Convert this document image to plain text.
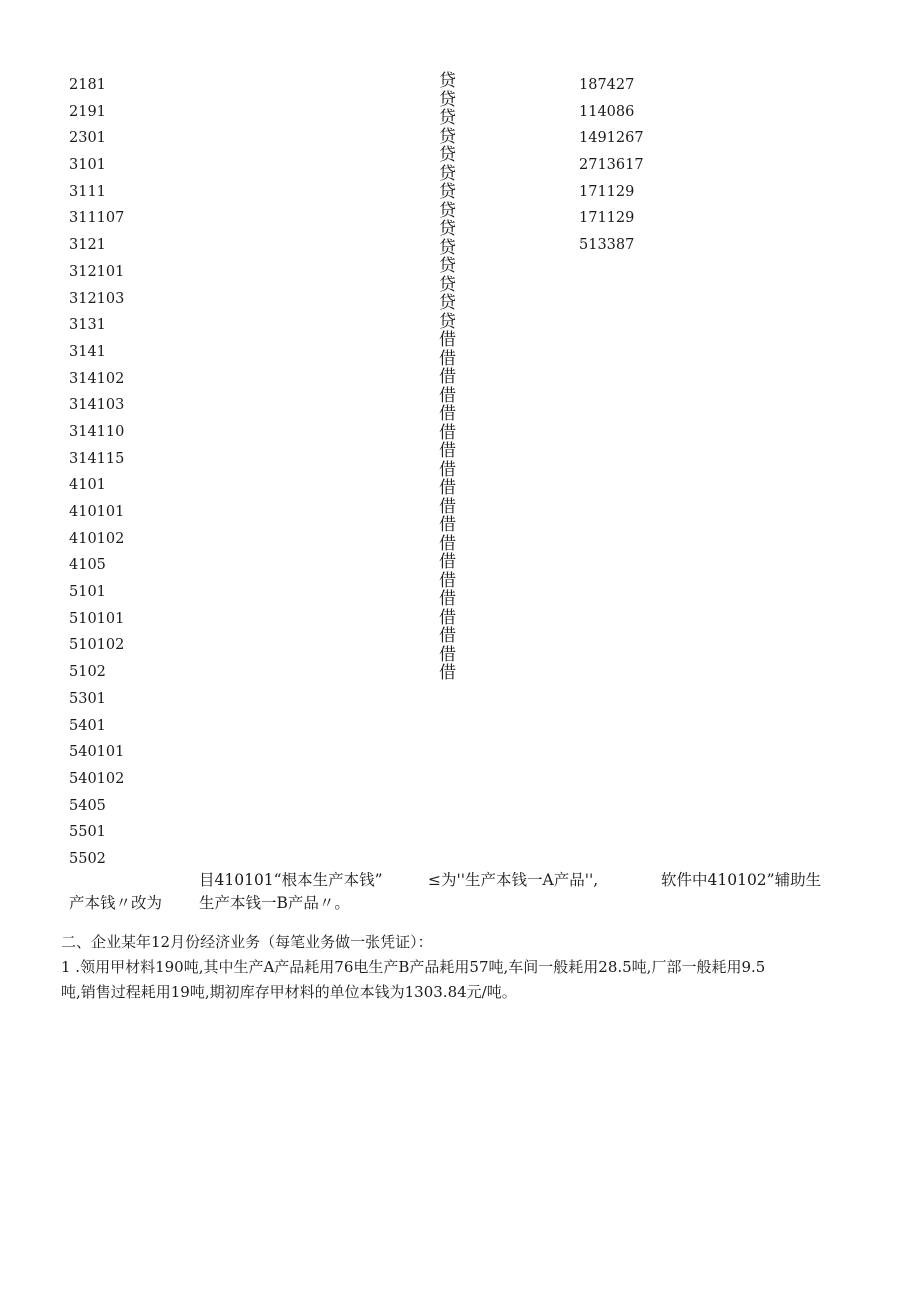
2181
2191
2301
3101
3111
311107
3121
312101
312103
3131
3141
314102
314103
314110
314115
4101
410101
410102
4105
5101
510101
510102
5102
5301
5401
540101
540102
5405
5501
5502
贷
贷
贷
贷
贷
贷
贷
贷
贷
贷
贷
贷
贷
贷
借
借
借
借
借
借
借
借
借
借
借
借
借
借
借
借
借
借
借
187427
114086
1491267
2713617
171129
171129
513387
目410101“根本生产本钱”	≤为''生产本钱一A产品'',	软件中410102”辅助生
产本钱〃改为 生产本钱一B产品〃。
二、企业某年12月份经济业务（每笔业务做一张凭证）：
1 .领用甲材料190吨,其中生产A产品耗用76电生产B产品耗用57吨,车间一般耗用28.5吨,厂部一般耗用9.5
吨,销售过程耗用19吨,期初库存甲材料的单位本钱为1303.84元/吨。
